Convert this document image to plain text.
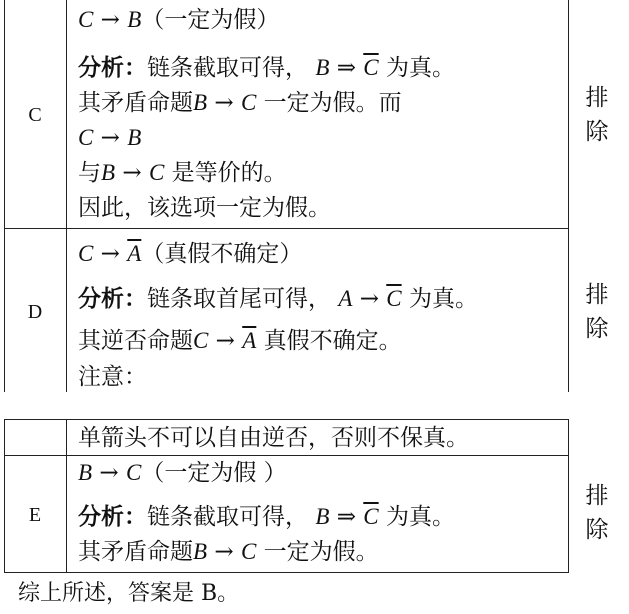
C
C → B（一定为假）
分析：链条截取可得， B ⇒ $\overline{C}$ 为真。
其矛盾命题B → C 一定为假。而
C → B
与B → C 是等价的。
因此，该选项一定为假。
排
除
D
$C \to \overline{A}$（真假不确定）
分析：链条取首尾可得， $A \to \overline{C}$ 为真。
其逆否命题$C \to \overline{A}$ 真假不确定。
注意：
排
除
单箭头不可以自由逆否，否则不保真。
E
B → C（一定为假 ）
分析：链条截取可得， B ⇒ $\overline{C}$ 为真。
其矛盾命题B → C 一定为假。
排
除
综上所述，答案是 B。
